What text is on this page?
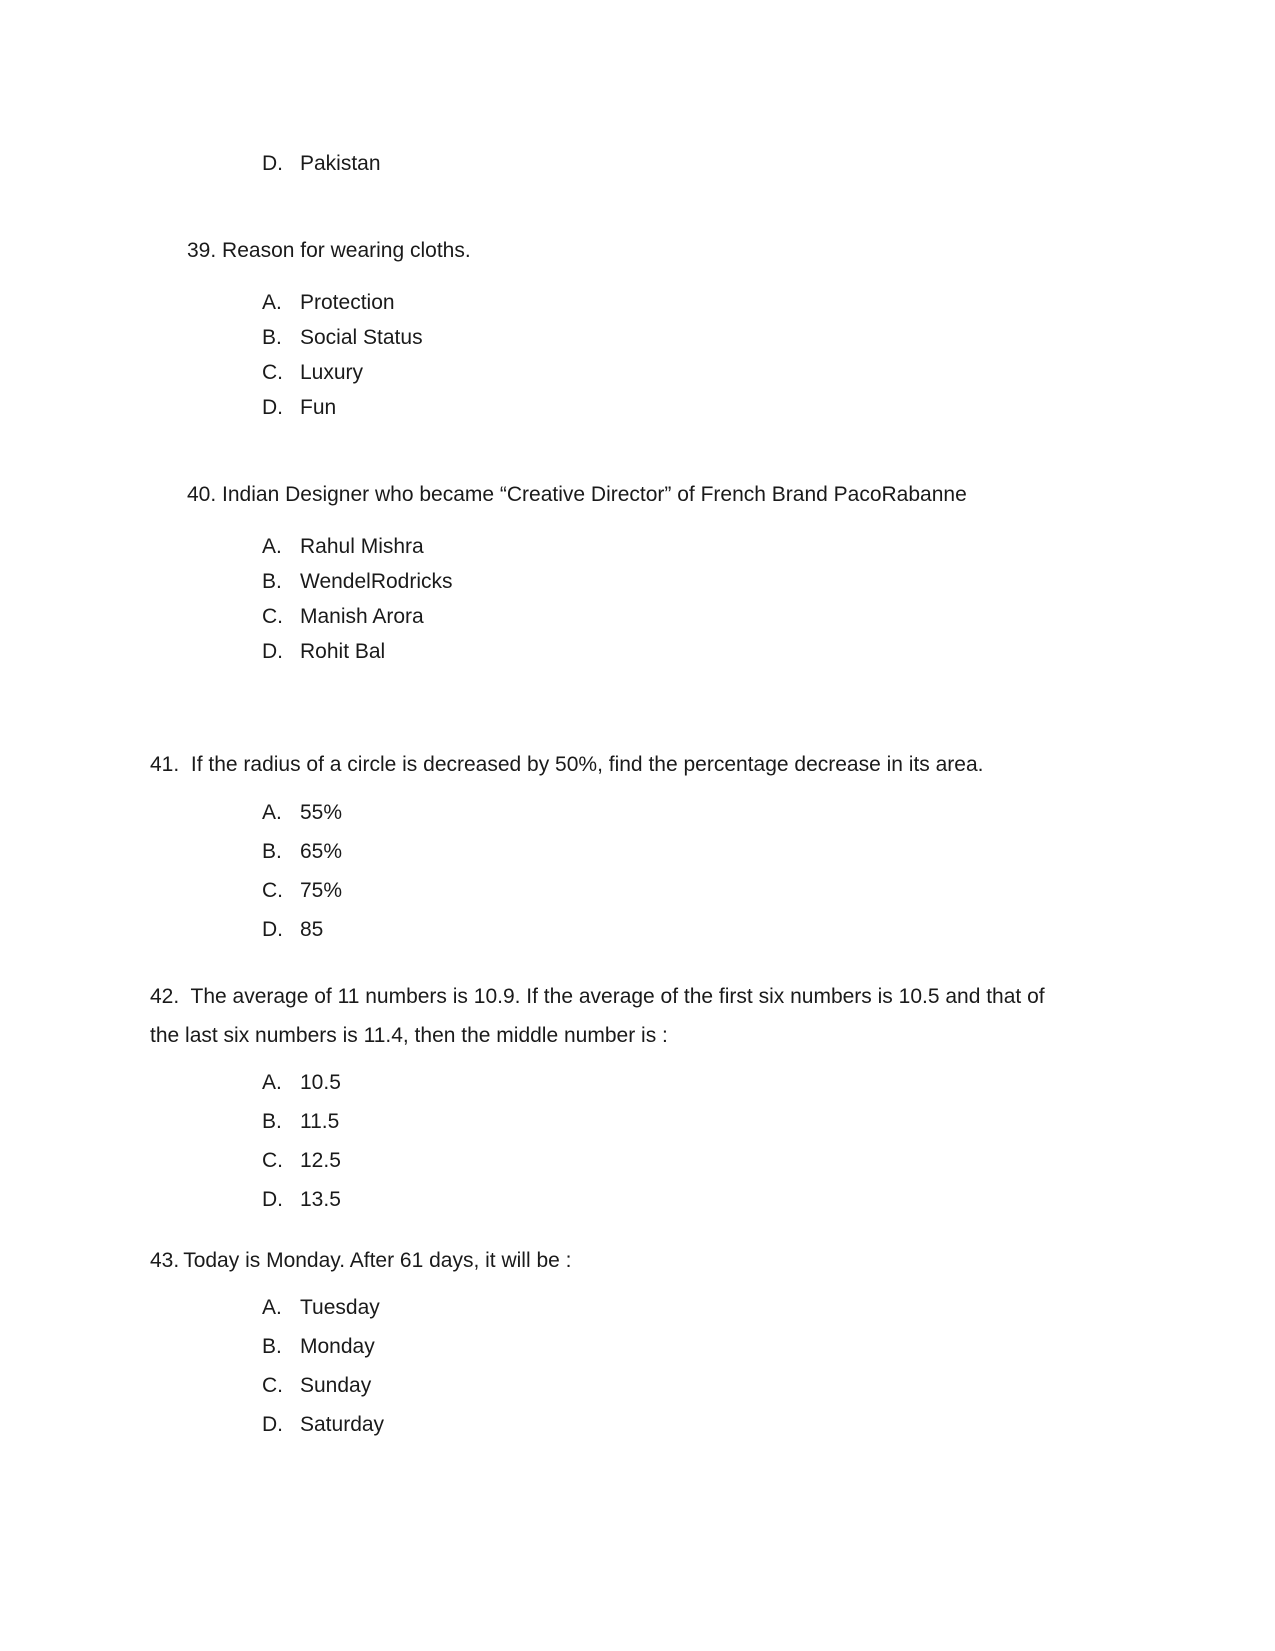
D. Pakistan
39. Reason for wearing cloths.
A. Protection
B. Social Status
C. Luxury
D. Fun
40. Indian Designer who became “Creative Director” of French Brand PacoRabanne
A. Rahul Mishra
B. WendelRodricks
C. Manish Arora
D. Rohit Bal
41. If the radius of a circle is decreased by 50%, find the percentage decrease in its area.
A. 55%
B. 65%
C. 75%
D. 85
42. The average of 11 numbers is 10.9. If the average of the first six numbers is 10.5 and that of
the last six numbers is 11.4, then the middle number is :
A. 10.5
B. 11.5
C. 12.5
D. 13.5
43. Today is Monday. After 61 days, it will be :
A. Tuesday
B. Monday
C. Sunday
D. Saturday
